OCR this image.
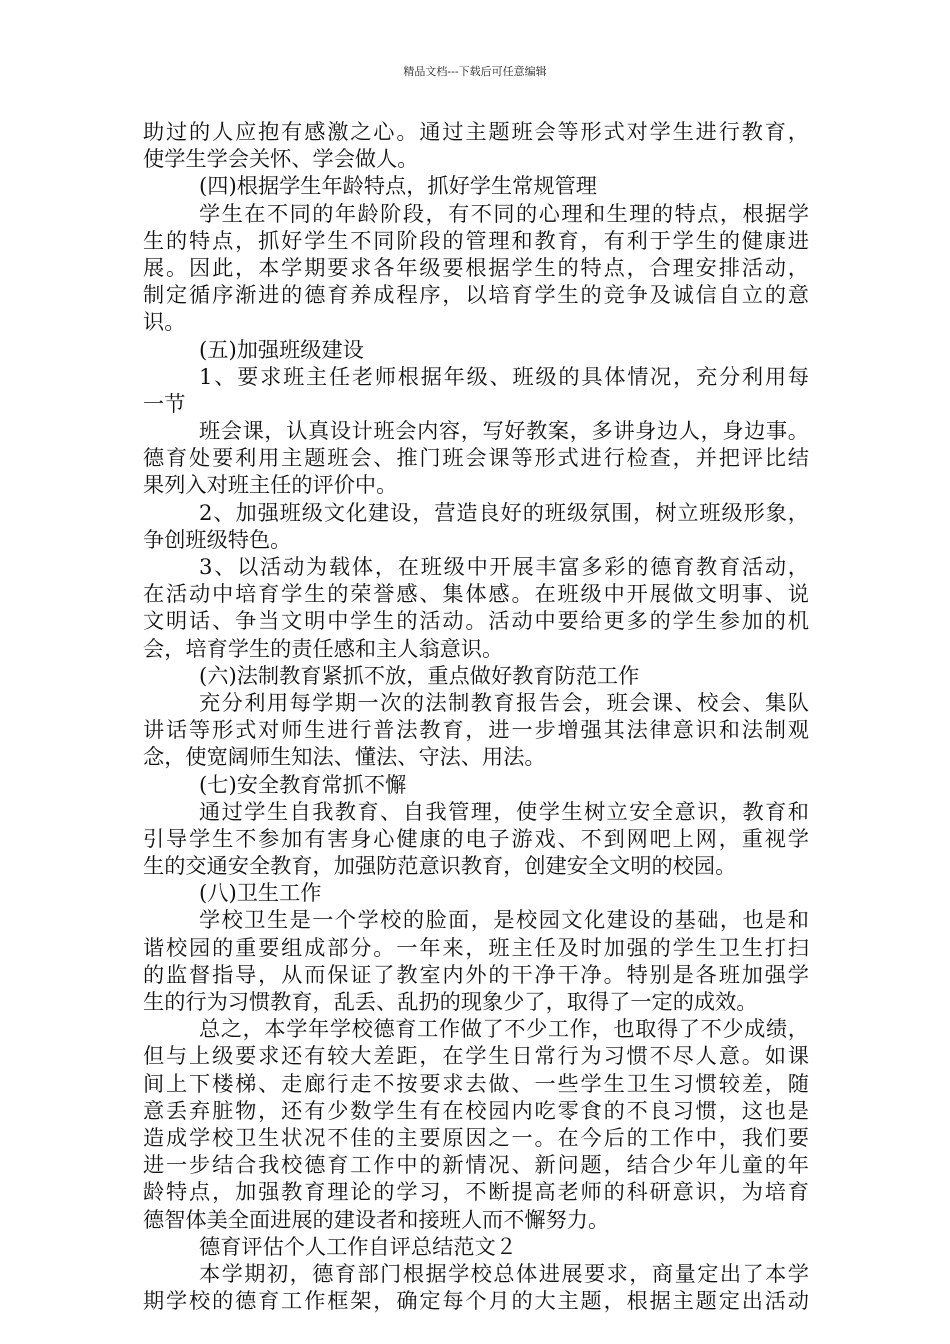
精品文档---下载后可任意编辑
助过的人应抱有感激之心。通过主题班会等形式对学生进行教育，
使学生学会关怀、学会做人。
(四)根据学生年龄特点，抓好学生常规管理
学生在不同的年龄阶段，有不同的心理和生理的特点，根据学
生的特点，抓好学生不同阶段的管理和教育，有利于学生的健康进
展。因此，本学期要求各年级要根据学生的特点，合理安排活动，
制定循序渐进的德育养成程序，以培育学生的竞争及诚信自立的意
识。
(五)加强班级建设
1、要求班主任老师根据年级、班级的具体情况，充分利用每
一节
班会课，认真设计班会内容，写好教案，多讲身边人，身边事。
德育处要利用主题班会、推门班会课等形式进行检查，并把评比结
果列入对班主任的评价中。
2、加强班级文化建设，营造良好的班级氛围，树立班级形象，
争创班级特色。
3、以活动为载体，在班级中开展丰富多彩的德育教育活动，
在活动中培育学生的荣誉感、集体感。在班级中开展做文明事、说
文明话、争当文明中学生的活动。活动中要给更多的学生参加的机
会，培育学生的责任感和主人翁意识。
(六)法制教育紧抓不放，重点做好教育防范工作
充分利用每学期一次的法制教育报告会，班会课、校会、集队
讲话等形式对师生进行普法教育，进一步增强其法律意识和法制观
念，使宽阔师生知法、懂法、守法、用法。
(七)安全教育常抓不懈
通过学生自我教育、自我管理，使学生树立安全意识，教育和
引导学生不参加有害身心健康的电子游戏、不到网吧上网，重视学
生的交通安全教育，加强防范意识教育，创建安全文明的校园。
(八)卫生工作
学校卫生是一个学校的脸面，是校园文化建设的基础，也是和
谐校园的重要组成部分。一年来，班主任及时加强的学生卫生打扫
的监督指导，从而保证了教室内外的干净干净。特别是各班加强学
生的行为习惯教育，乱丢、乱扔的现象少了，取得了一定的成效。
总之，本学年学校德育工作做了不少工作，也取得了不少成绩，
但与上级要求还有较大差距，在学生日常行为习惯不尽人意。如课
间上下楼梯、走廊行走不按要求去做、一些学生卫生习惯较差，随
意丢弃脏物，还有少数学生有在校园内吃零食的不良习惯，这也是
造成学校卫生状况不佳的主要原因之一。在今后的工作中，我们要
进一步结合我校德育工作中的新情况、新问题，结合少年儿童的年
龄特点，加强教育理论的学习，不断提高老师的科研意识，为培育
德智体美全面进展的建设者和接班人而不懈努力。
德育评估个人工作自评总结范文２
本学期初，德育部门根据学校总体进展要求，商量定出了本学
期学校的德育工作框架，确定每个月的大主题，根据主题定出活动
